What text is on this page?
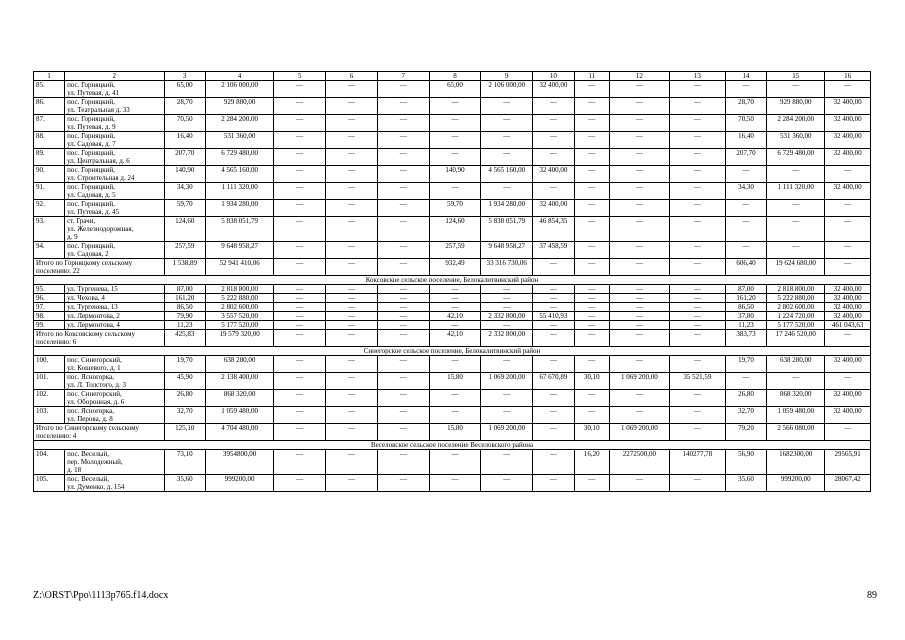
1	2	3	4	5	6	7	8	9	10	11	12	13	14	15	16
85.	пос. Горняцкий,
ул. Путевая, д. 41	65,00	2 106 000,00	—	—	—	65,00	2 106 000,00	32 400,00	—	—	—	—	—	—
86.	пос. Горняцкий,
ул. Театральная д. 33	28,70	929 880,00	—	—	—	—	—	—	—	—	—	28,70	929 880,00	32 400,00
87.	пос. Горняцкий,
ул. Путевая, д. 9	70,50	2 284 200,00	—	—	—	—	—	—	—	—	—	70,50	2 284 200,00	32 400,00
88.	пос. Горняцкий,
ул. Садовая, д. 7	16,40	531 360,00	—	—	—	—	—	—	—	—	—	16,40	531 360,00	32 400,00
89.	пос. Горняцкий,
ул. Центральная, д. 6	207,70	6 729 480,00	—	—	—	—	—	—	—	—	—	207,70	6 729 480,00	32 400,00
90.	пос. Горняцкий,
ул. Строительная д. 24	140,90	4 565 160,00	—	—	—	140,90	4 565 160,00	32 400,00	—	—	—	—	—	—
91.	пос. Горняцкий,
ул. Садовая, д. 5	34,30	1 111 320,00	—	—	—	—	—	—	—	—	—	34,30	1 111 320,00	32 400,00
92.	пос. Горняцкий,
ул. Путевая, д. 45	59,70	1 934 280,00	—	—	—	59,70	1 934 280,00	32 400,00	—	—	—	—	—	—
93.	ст. Грачи,
ул. Железнодорожная,
д. 9	124,60	5 838 051,79	—	—	—	124,60	5 838 051,79	46 854,35	—	—	—	—	—	—
94.	пос. Горняцкий,
ул. Садовая, 2	257,59	9 648 958,27	—	—	—	257,59	9 648 958,27	37 458,59	—	—	—	—	—	—
Итого по Горняцкому сельскому поселению: 22		1 538,89	52 941 410,06	—	—	—	932,49	33 316 730,06	—	—	—	—	606,40	19 624 680,00	—
Коксовское сельское поселение, Белокалитвинский район															
95.	ул. Тургенева, 15	87,00	2 818 800,00	—	—	—	—	—	—	—	—	—	87,00	2 818 800,00	32 400,00
96.	ул. Чехова, 4	161,20	5 222 880,00	—	—	—	—	—	—	—	—	—	161,20	5 222 880,00	32 400,00
97.	ул. Тургенева, 13	86,50	2 802 600,00	—	—	—	—	—	—	—	—	—	86,50	2 802 600,00	32 400,00
98.	ул. Лермонтова, 2	79,90	3 557 520,00	—	—	—	42,10	2 332 800,00	55 410,93	—	—	—	37,80	1 224 720,00	32 400,00
99.	ул. Лермонтова, 4	11,23	5 177 520,00	—	—	—	—	—	—	—	—	—	11,23	5 177 520,00	461 043,63
Итого по Коксовскому сельскому поселению: 6		425,83	19 579 320,00	—	—	—	42,10	2 332 800,00	—	—	—	—	383,73	17 246 520,00	—
Синегорское сельское поселение, Белокалитвинский район															
100.	пос. Синегорский,
ул. Кошевого, д. 1	19,70	638 280,00	—	—	—	—	—	—	—	—	—	19,70	638 280,00	32 400,00
101.	пос. Ясногорка,
ул. Л. Толстого, д. 3	45,90	2 138 400,00	—	—	—	15,80	1 069 200,00	67 670,89	30,10	1 069 200,00	35 521,59	—	—	—
102.	пос. Синегорский,
ул. Оборонная, д. 6	26,80	868 320,00	—	—	—	—	—	—	—	—	—	26,80	868 320,00	32 400,00
103.	пос. Ясногорка,
ул. Перова, д. 8	32,70	1 059 480,00	—	—	—	—	—	—	—	—	—	32,70	1 059 480,00	32 400,00
Итого по Синегорскому сельскому поселению: 4		125,10	4 704 480,00	—	—	—	15,80	1 069 200,00	—	30,10	1 069 200,00	—	79,20	2 566 080,00	—
Веселовское сельское поселение Веселовского района															
104.	пос. Веселый,
пер. Молодежный,
д. 18	73,10	3954800,00	—	—	—	—	—	—	16,20	2272500,00	140277,78	56,90	1682300,00	29565,91
105.	пос. Веселый,
ул. Думенко, д. 154	35,60	999200,00	—	—	—	—	—	—	—	—	—	35,60	999200,00	28067,42
Z:\ORST\Ppo\1113p765.f14.docx	89
